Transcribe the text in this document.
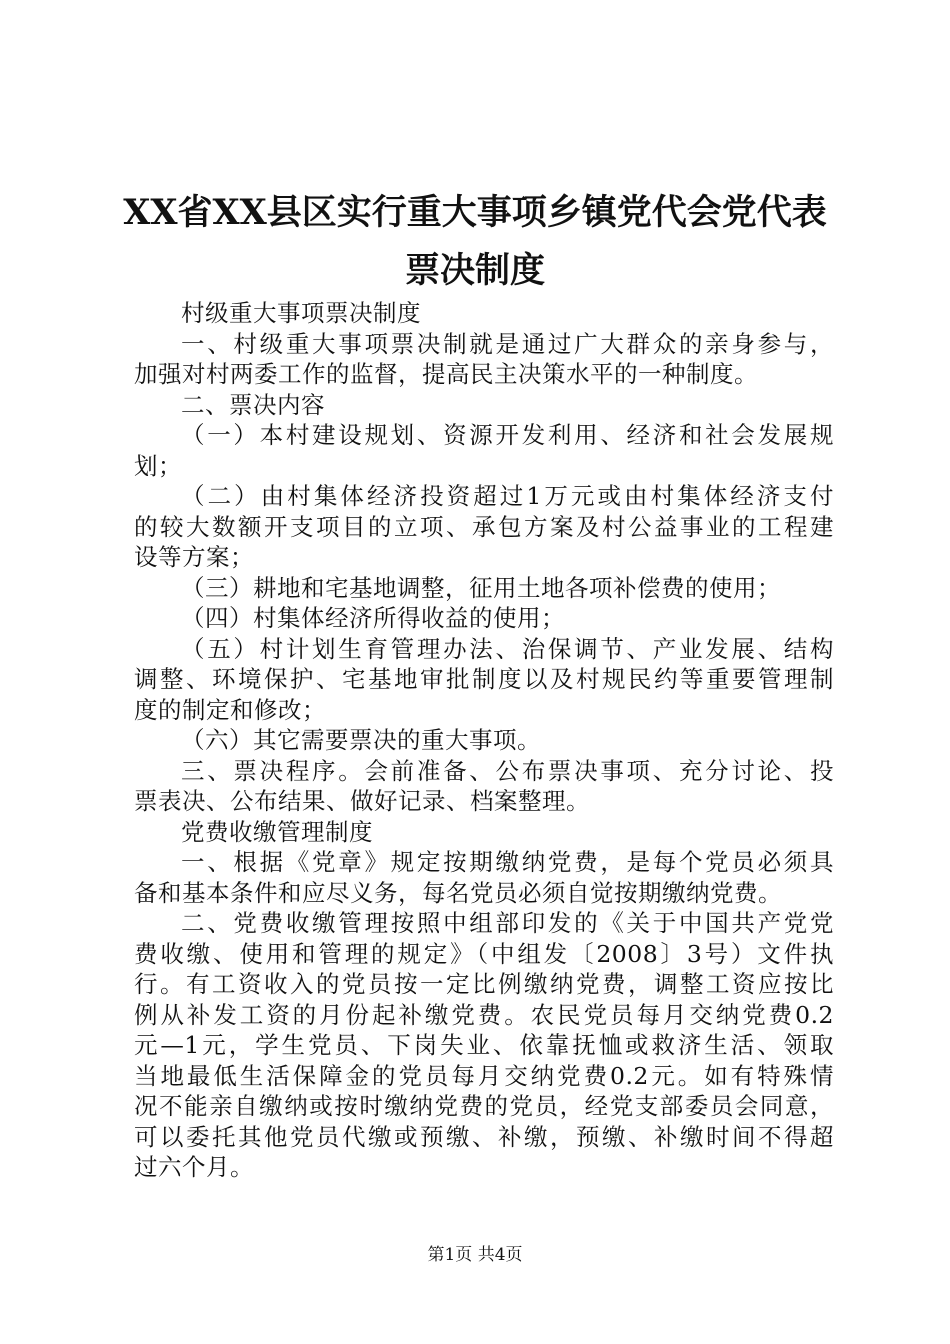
XX省XX县区实行重大事项乡镇党代会党代表
票决制度
村级重大事项票决制度
一、村级重大事项票决制就是通过广大群众的亲身参与，
加强对村两委工作的监督，提高民主决策水平的一种制度。
二、票决内容
（一）本村建设规划、资源开发利用、经济和社会发展规
划；
（二）由村集体经济投资超过1万元或由村集体经济支付
的较大数额开支项目的立项、承包方案及村公益事业的工程建
设等方案；
（三）耕地和宅基地调整，征用土地各项补偿费的使用；
（四）村集体经济所得收益的使用；
（五）村计划生育管理办法、治保调节、产业发展、结构
调整、环境保护、宅基地审批制度以及村规民约等重要管理制
度的制定和修改；
（六）其它需要票决的重大事项。
三、票决程序。会前准备、公布票决事项、充分讨论、投
票表决、公布结果、做好记录、档案整理。
党费收缴管理制度
一、根据《党章》规定按期缴纳党费，是每个党员必须具
备和基本条件和应尽义务，每名党员必须自觉按期缴纳党费。
二、党费收缴管理按照中组部印发的《关于中国共产党党
费收缴、使用和管理的规定》（中组发〔2008〕3号）文件执
行。有工资收入的党员按一定比例缴纳党费，调整工资应按比
例从补发工资的月份起补缴党费。农民党员每月交纳党费0.2
元—1元，学生党员、下岗失业、依靠抚恤或救济生活、领取
当地最低生活保障金的党员每月交纳党费0.2元。如有特殊情
况不能亲自缴纳或按时缴纳党费的党员，经党支部委员会同意，
可以委托其他党员代缴或预缴、补缴，预缴、补缴时间不得超
过六个月。
第1页 共4页
